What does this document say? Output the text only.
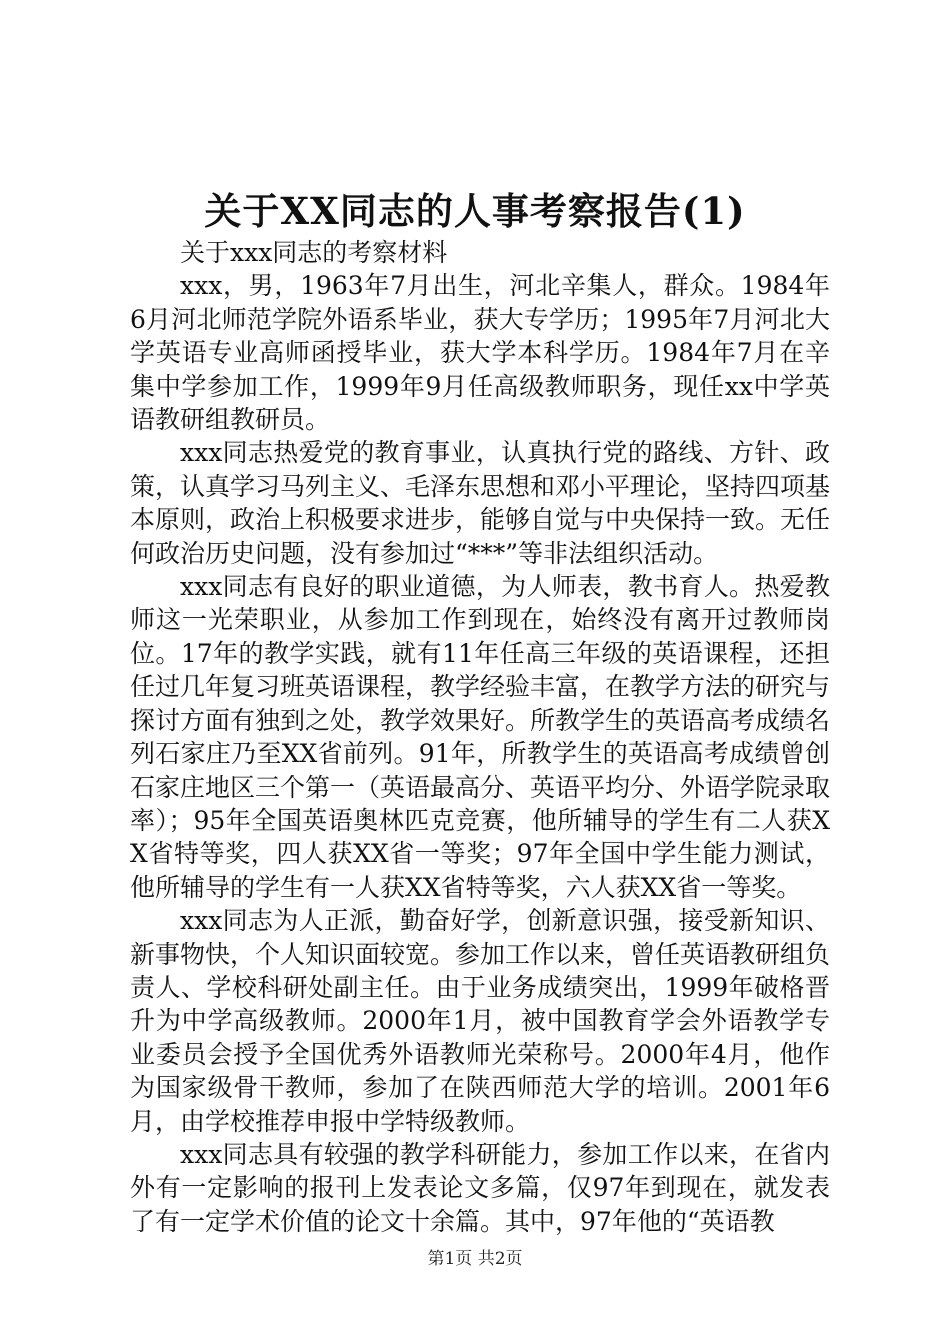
关于XX同志的人事考察报告(1)

关于xxx同志的考察材料

xxx，男，1963年7月出生，河北辛集人，群众。1984年6月河北师范学院外语系毕业，获大专学历；1995年7月河北大学英语专业高师函授毕业，获大学本科学历。1984年7月在辛集中学参加工作，1999年9月任高级教师职务，现任xx中学英语教研组教研员。

xxx同志热爱党的教育事业，认真执行党的路线、方针、政策，认真学习马列主义、毛泽东思想和邓小平理论，坚持四项基本原则，政治上积极要求进步，能够自觉与中央保持一致。无任何政治历史问题，没有参加过“***”等非法组织活动。

xxx同志有良好的职业道德，为人师表，教书育人。热爱教师这一光荣职业，从参加工作到现在，始终没有离开过教师岗位。17年的教学实践，就有11年任高三年级的英语课程，还担任过几年复习班英语课程，教学经验丰富，在教学方法的研究与探讨方面有独到之处，教学效果好。所教学生的英语高考成绩名列石家庄乃至XX省前列。91年，所教学生的英语高考成绩曾创石家庄地区三个第一（英语最高分、英语平均分、外语学院录取率）；95年全国英语奥林匹克竞赛，他所辅导的学生有二人获XX省特等奖，四人获XX省一等奖；97年全国中学生能力测试，他所辅导的学生有一人获XX省特等奖，六人获XX省一等奖。

xxx同志为人正派，勤奋好学，创新意识强，接受新知识、新事物快，个人知识面较宽。参加工作以来，曾任英语教研组负责人、学校科研处副主任。由于业务成绩突出，1999年破格晋升为中学高级教师。2000年1月，被中国教育学会外语教学专业委员会授予全国优秀外语教师光荣称号。2000年4月，他作为国家级骨干教师，参加了在陕西师范大学的培训。2001年6月，由学校推荐申报中学特级教师。

xxx同志具有较强的教学科研能力，参加工作以来，在省内外有一定影响的报刊上发表论文多篇，仅97年到现在，就发表了有一定学术价值的论文十余篇。其中，97年他的“英语教

第1页 共2页
